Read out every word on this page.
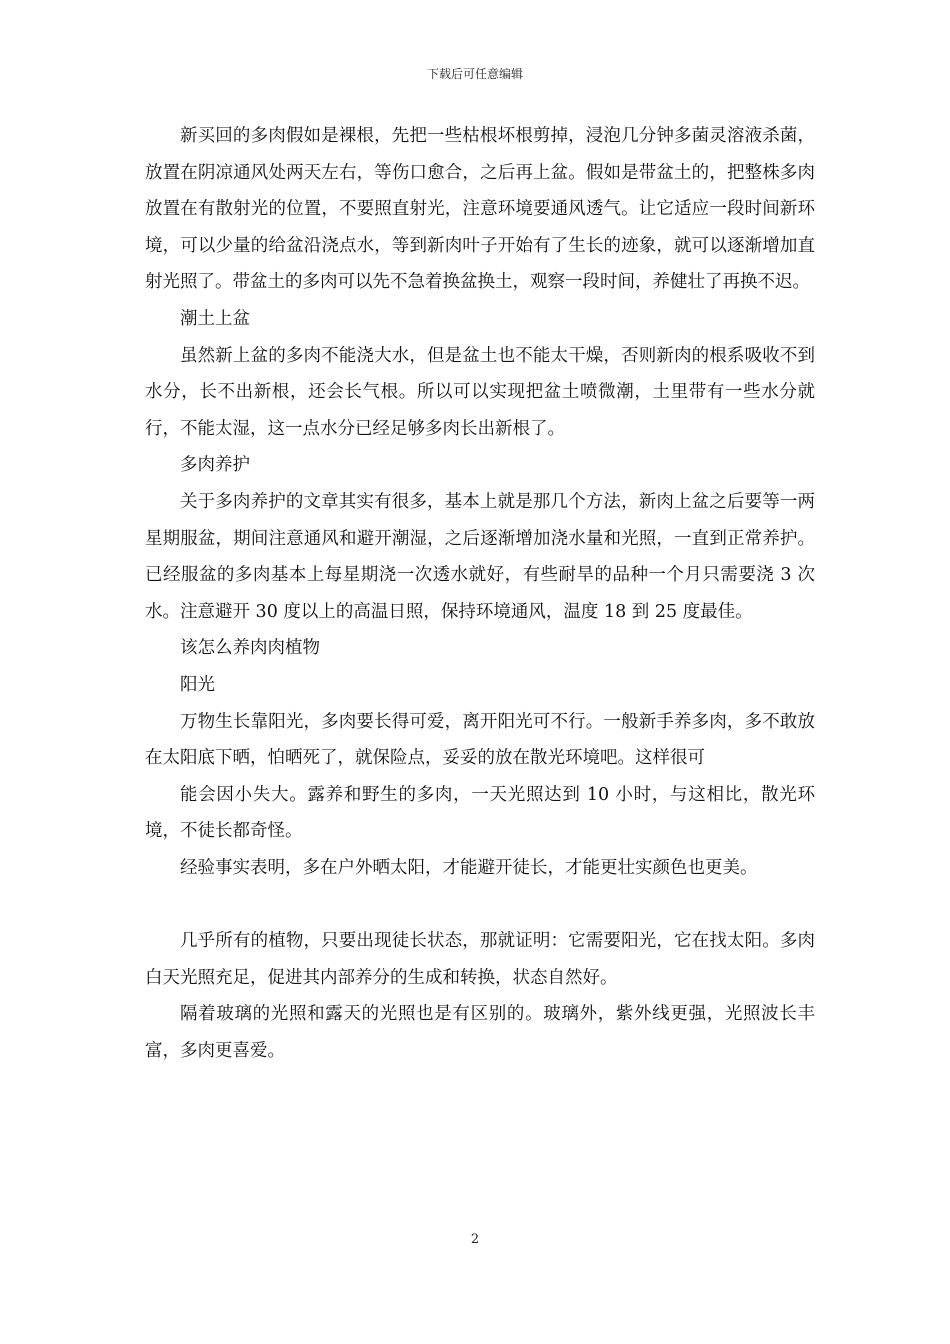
下载后可任意编辑

新买回的多肉假如是裸根，先把一些枯根坏根剪掉，浸泡几分钟多菌灵溶液杀菌，放置在阴凉通风处两天左右，等伤口愈合，之后再上盆。假如是带盆土的，把整株多肉放置在有散射光的位置，不要照直射光，注意环境要通风透气。让它适应一段时间新环境，可以少量的给盆沿浇点水，等到新肉叶子开始有了生长的迹象，就可以逐渐增加直射光照了。带盆土的多肉可以先不急着换盆换土，观察一段时间，养健壮了再换不迟。

潮土上盆

虽然新上盆的多肉不能浇大水，但是盆土也不能太干燥，否则新肉的根系吸收不到水分，长不出新根，还会长气根。所以可以实现把盆土喷微潮，土里带有一些水分就行，不能太湿，这一点水分已经足够多肉长出新根了。

多肉养护

关于多肉养护的文章其实有很多，基本上就是那几个方法，新肉上盆之后要等一两星期服盆，期间注意通风和避开潮湿，之后逐渐增加浇水量和光照，一直到正常养护。已经服盆的多肉基本上每星期浇一次透水就好，有些耐旱的品种一个月只需要浇 3 次水。注意避开 30 度以上的高温日照，保持环境通风，温度 18 到 25 度最佳。

该怎么养肉肉植物

阳光

万物生长靠阳光，多肉要长得可爱，离开阳光可不行。一般新手养多肉，多不敢放在太阳底下晒，怕晒死了，就保险点，妥妥的放在散光环境吧。这样很可

能会因小失大。露养和野生的多肉，一天光照达到 10 小时，与这相比，散光环境，不徒长都奇怪。

经验事实表明，多在户外晒太阳，才能避开徒长，才能更壮实颜色也更美。

几乎所有的植物，只要出现徒长状态，那就证明：它需要阳光，它在找太阳。多肉白天光照充足，促进其内部养分的生成和转换，状态自然好。

隔着玻璃的光照和露天的光照也是有区别的。玻璃外，紫外线更强，光照波长丰富，多肉更喜爱。

2
